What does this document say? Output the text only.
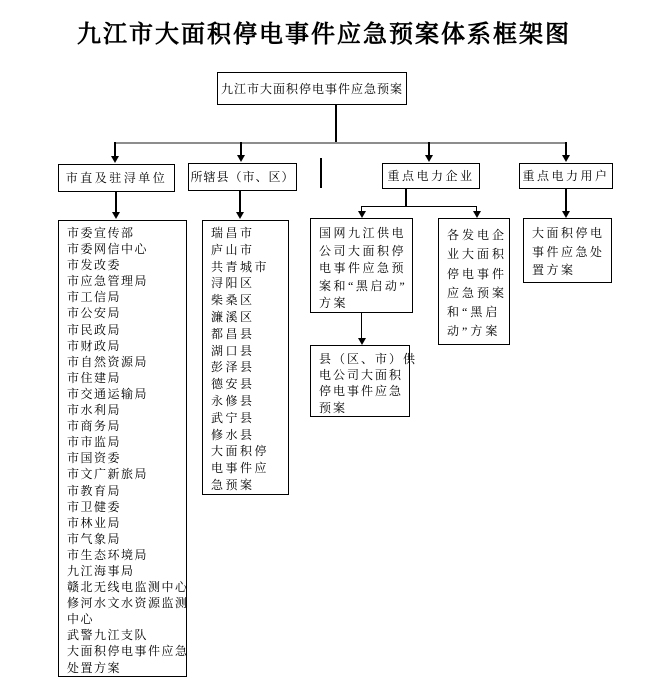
九江市大面积停电事件应急预案体系框架图
九江市大面积停电事件应急预案
市直及驻浔单位	所辖县（市、区）	重点电力企业	重点电力用户
市委宣传部
市委网信中心
市发改委
市应急管理局
市工信局
市公安局
市民政局
市财政局
市自然资源局
市住建局
市交通运输局
市水利局
市商务局
市市监局
市国资委
市文广新旅局
市教育局
市卫健委
市林业局
市气象局
市生态环境局
九江海事局
赣北无线电监测中心
修河水文水资源监测
中心
武警九江支队
大面积停电事件应急
处置方案
瑞昌市
庐山市
共青城市
浔阳区
柴桑区
濂溪区
都昌县
湖口县
彭泽县
德安县
永修县
武宁县
修水县
大面积停
电事件应
急预案
国网九江供电
公司大面积停
电事件应急预
案和“黑启动”
方案
各发电企
业大面积
停电事件
应急预案
和“黑启
动”方案
县（区、市）供
电公司大面积
停电事件应急
预案
大面积停电
事件应急处
置方案
